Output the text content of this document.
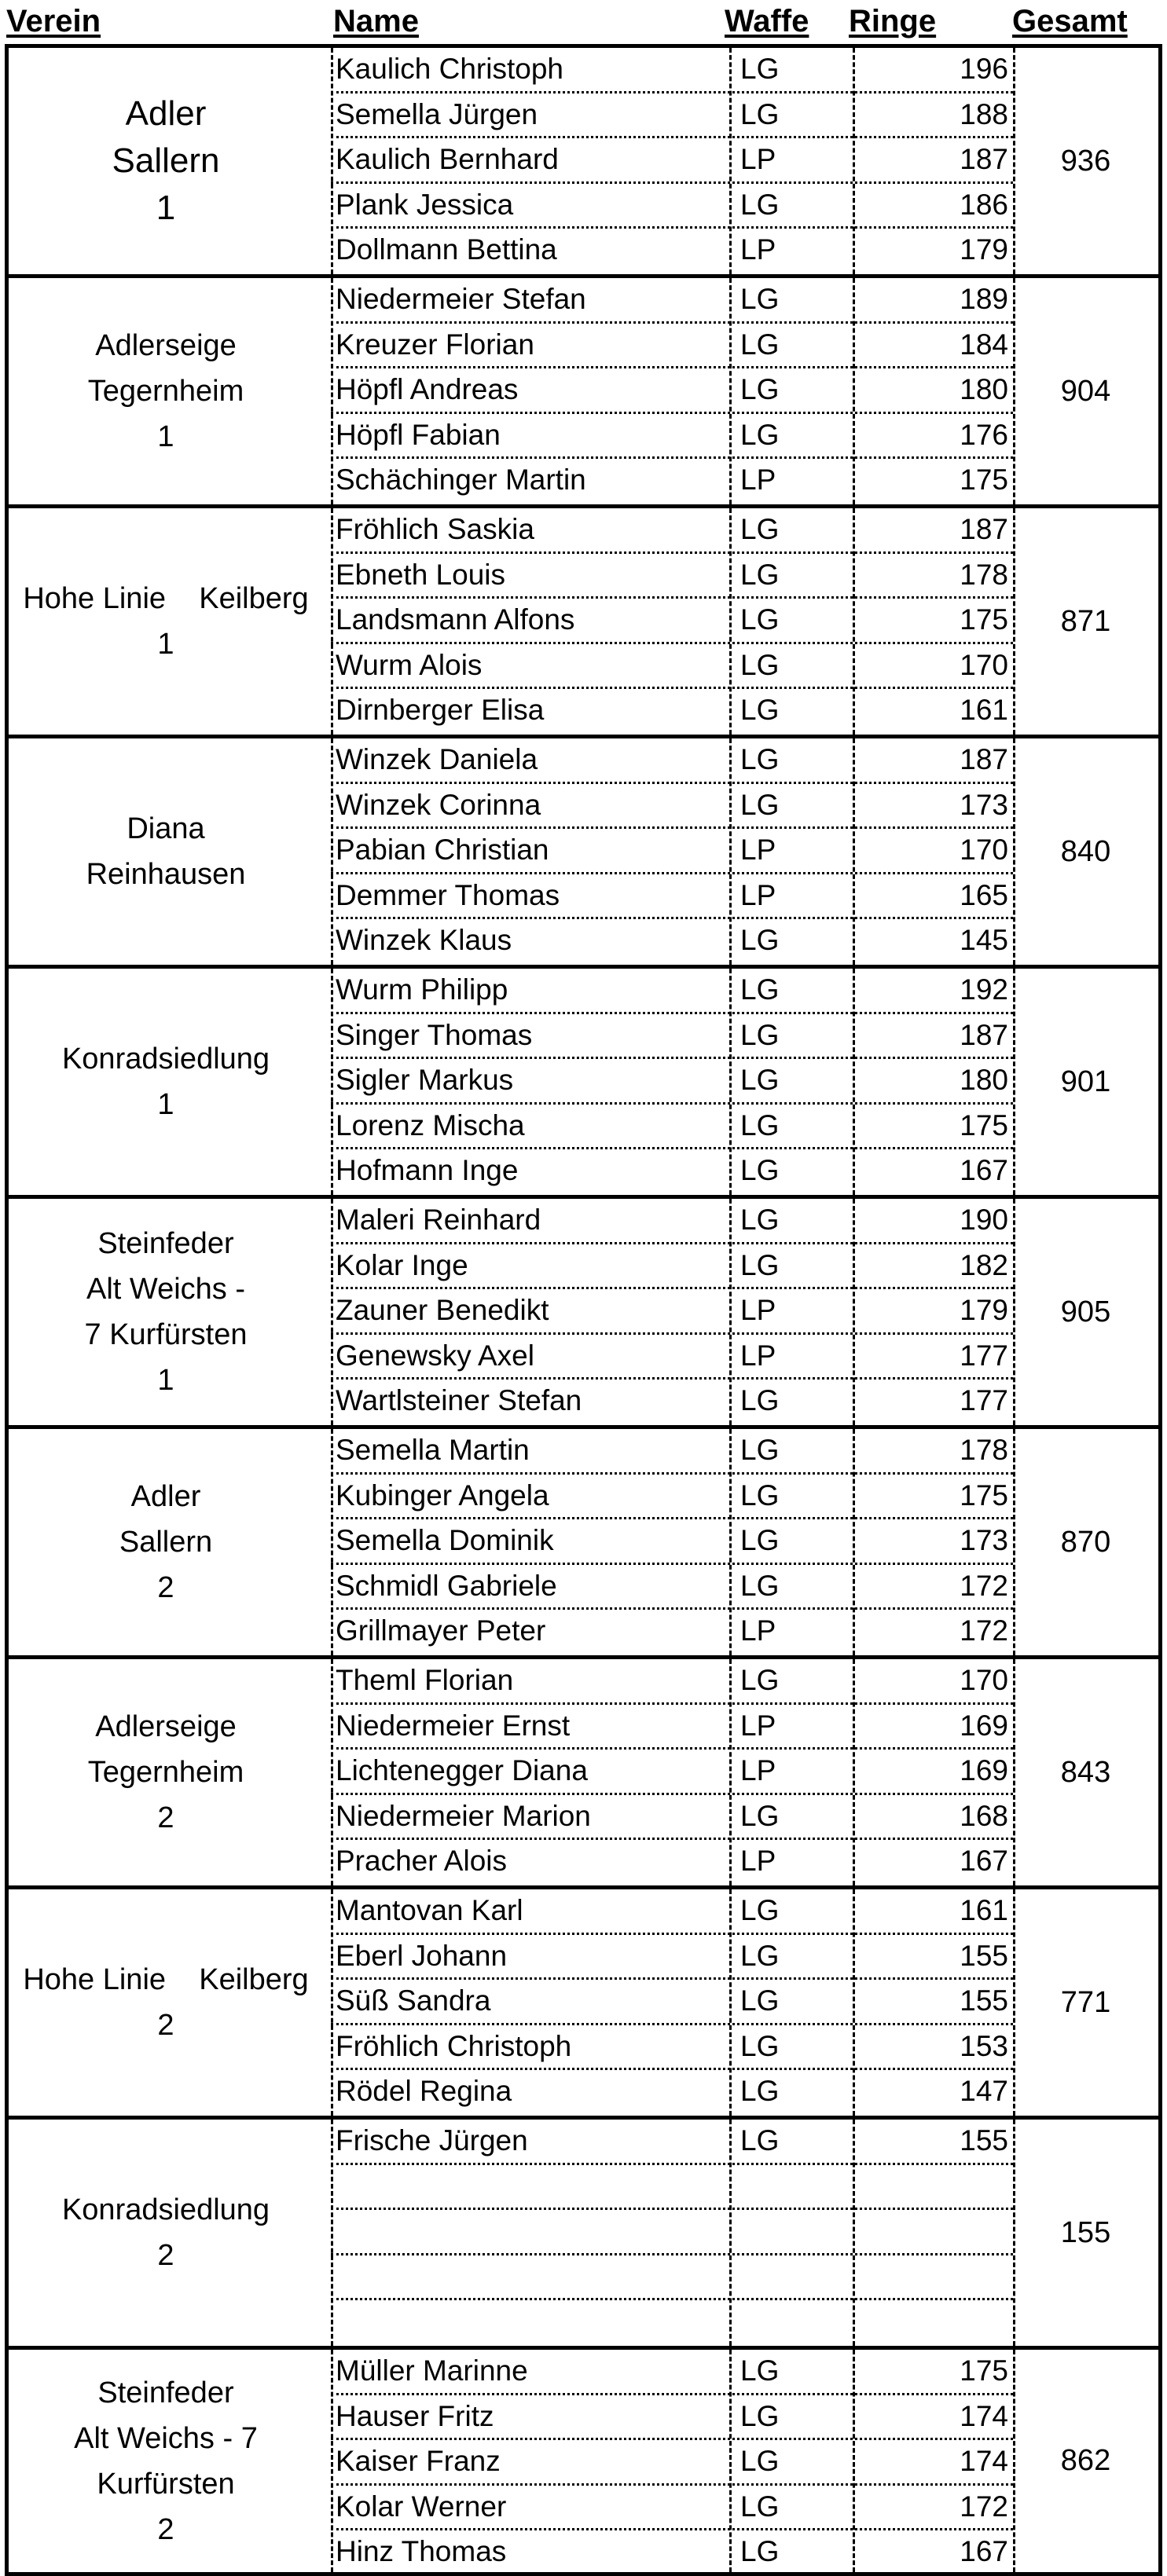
Verein	Name	Waffe Ringe Gesamt
Adler
Sallern
1
Kaulich Christoph	LG	196
Semella Jürgen	LG	188
Kaulich Bernhard	LP	187
Plank Jessica	LG	186
Dollmann Bettina	LP	179
936
Adlerseige
Tegernheim
1
Niedermeier Stefan	LG	189
Kreuzer Florian	LG	184
Höpfl Andreas	LG	180
Höpfl Fabian	LG	176
Schächinger Martin	LP	175
904
Hohe Linie    Keilberg
1
Fröhlich Saskia	LG	187
Ebneth Louis	LG	178
Landsmann Alfons	LG	175
Wurm Alois	LG	170
Dirnberger Elisa	LG	161
871
Diana
Reinhausen
Winzek Daniela	LG	187
Winzek Corinna	LG	173
Pabian Christian	LP	170
Demmer Thomas	LP	165
Winzek Klaus	LG	145
840
Konradsiedlung
1
Wurm Philipp	LG	192
Singer Thomas	LG	187
Sigler Markus	LG	180
Lorenz Mischa	LG	175
Hofmann Inge	LG	167
901
Steinfeder
Alt Weichs -
7 Kurfürsten
1
Maleri Reinhard	LG	190
Kolar Inge	LG	182
Zauner Benedikt	LP	179
Genewsky Axel	LP	177
Wartlsteiner Stefan	LG	177
905
Adler
Sallern
2
Semella Martin	LG	178
Kubinger Angela	LG	175
Semella Dominik	LG	173
Schmidl Gabriele	LG	172
Grillmayer Peter	LP	172
870
Adlerseige
Tegernheim
2
Theml Florian	LG	170
Niedermeier Ernst	LP	169
Lichtenegger Diana	LP	169
Niedermeier Marion	LG	168
Pracher Alois	LP	167
843
Hohe Linie    Keilberg
2
Mantovan Karl	LG	161
Eberl Johann	LG	155
Süß Sandra	LG	155
Fröhlich Christoph	LG	153
Rödel Regina	LG	147
771
Konradsiedlung
2
Frische Jürgen	LG	155
155
Steinfeder
Alt Weichs - 7
Kurfürsten
2
Müller Marinne	LG	175
Hauser Fritz	LG	174
Kaiser Franz	LG	174
Kolar Werner	LG	172
Hinz Thomas	LG	167
862
